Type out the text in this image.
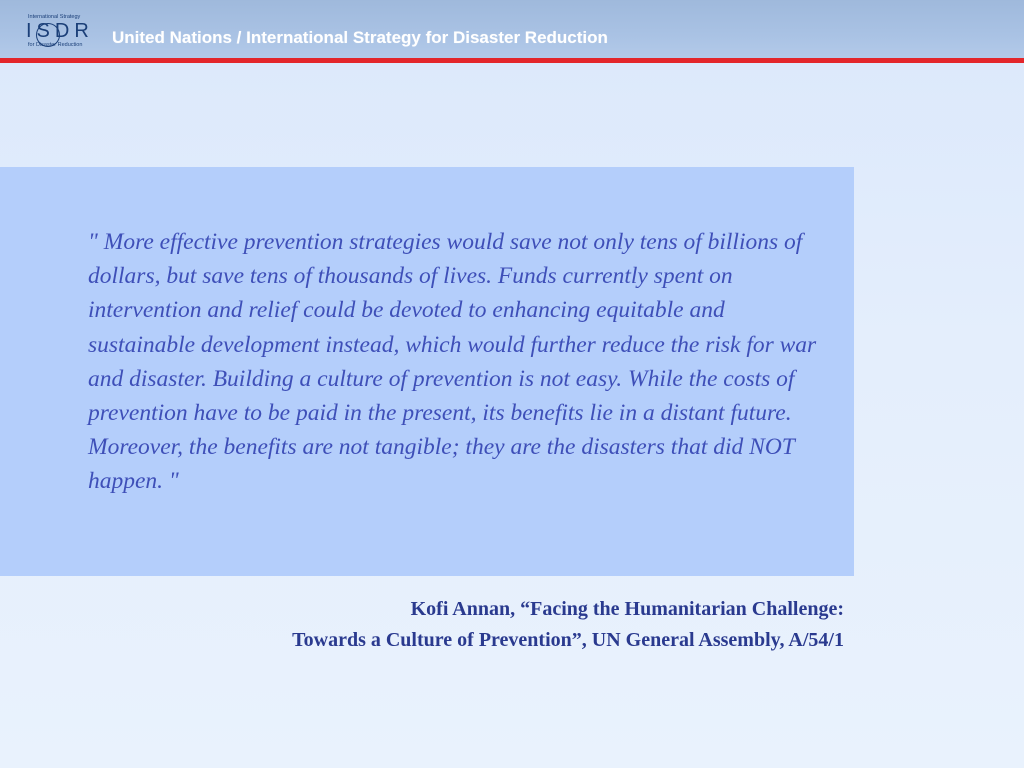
International Strategy
ISDR
for Disaster Reduction United Nations / International Strategy for Disaster Reduction

" More effective prevention strategies would save not only tens of billions of dollars, but save tens of thousands of lives. Funds currently spent on intervention and relief could be devoted to enhancing equitable and sustainable development instead, which would further reduce the risk for war and disaster. Building a culture of prevention is not easy. While the costs of prevention have to be paid in the present, its benefits lie in a distant future. Moreover, the benefits are not tangible; they are the disasters that did NOT happen. "

Kofi Annan, “Facing the Humanitarian Challenge:
Towards a Culture of Prevention”, UN General Assembly, A/54/1
